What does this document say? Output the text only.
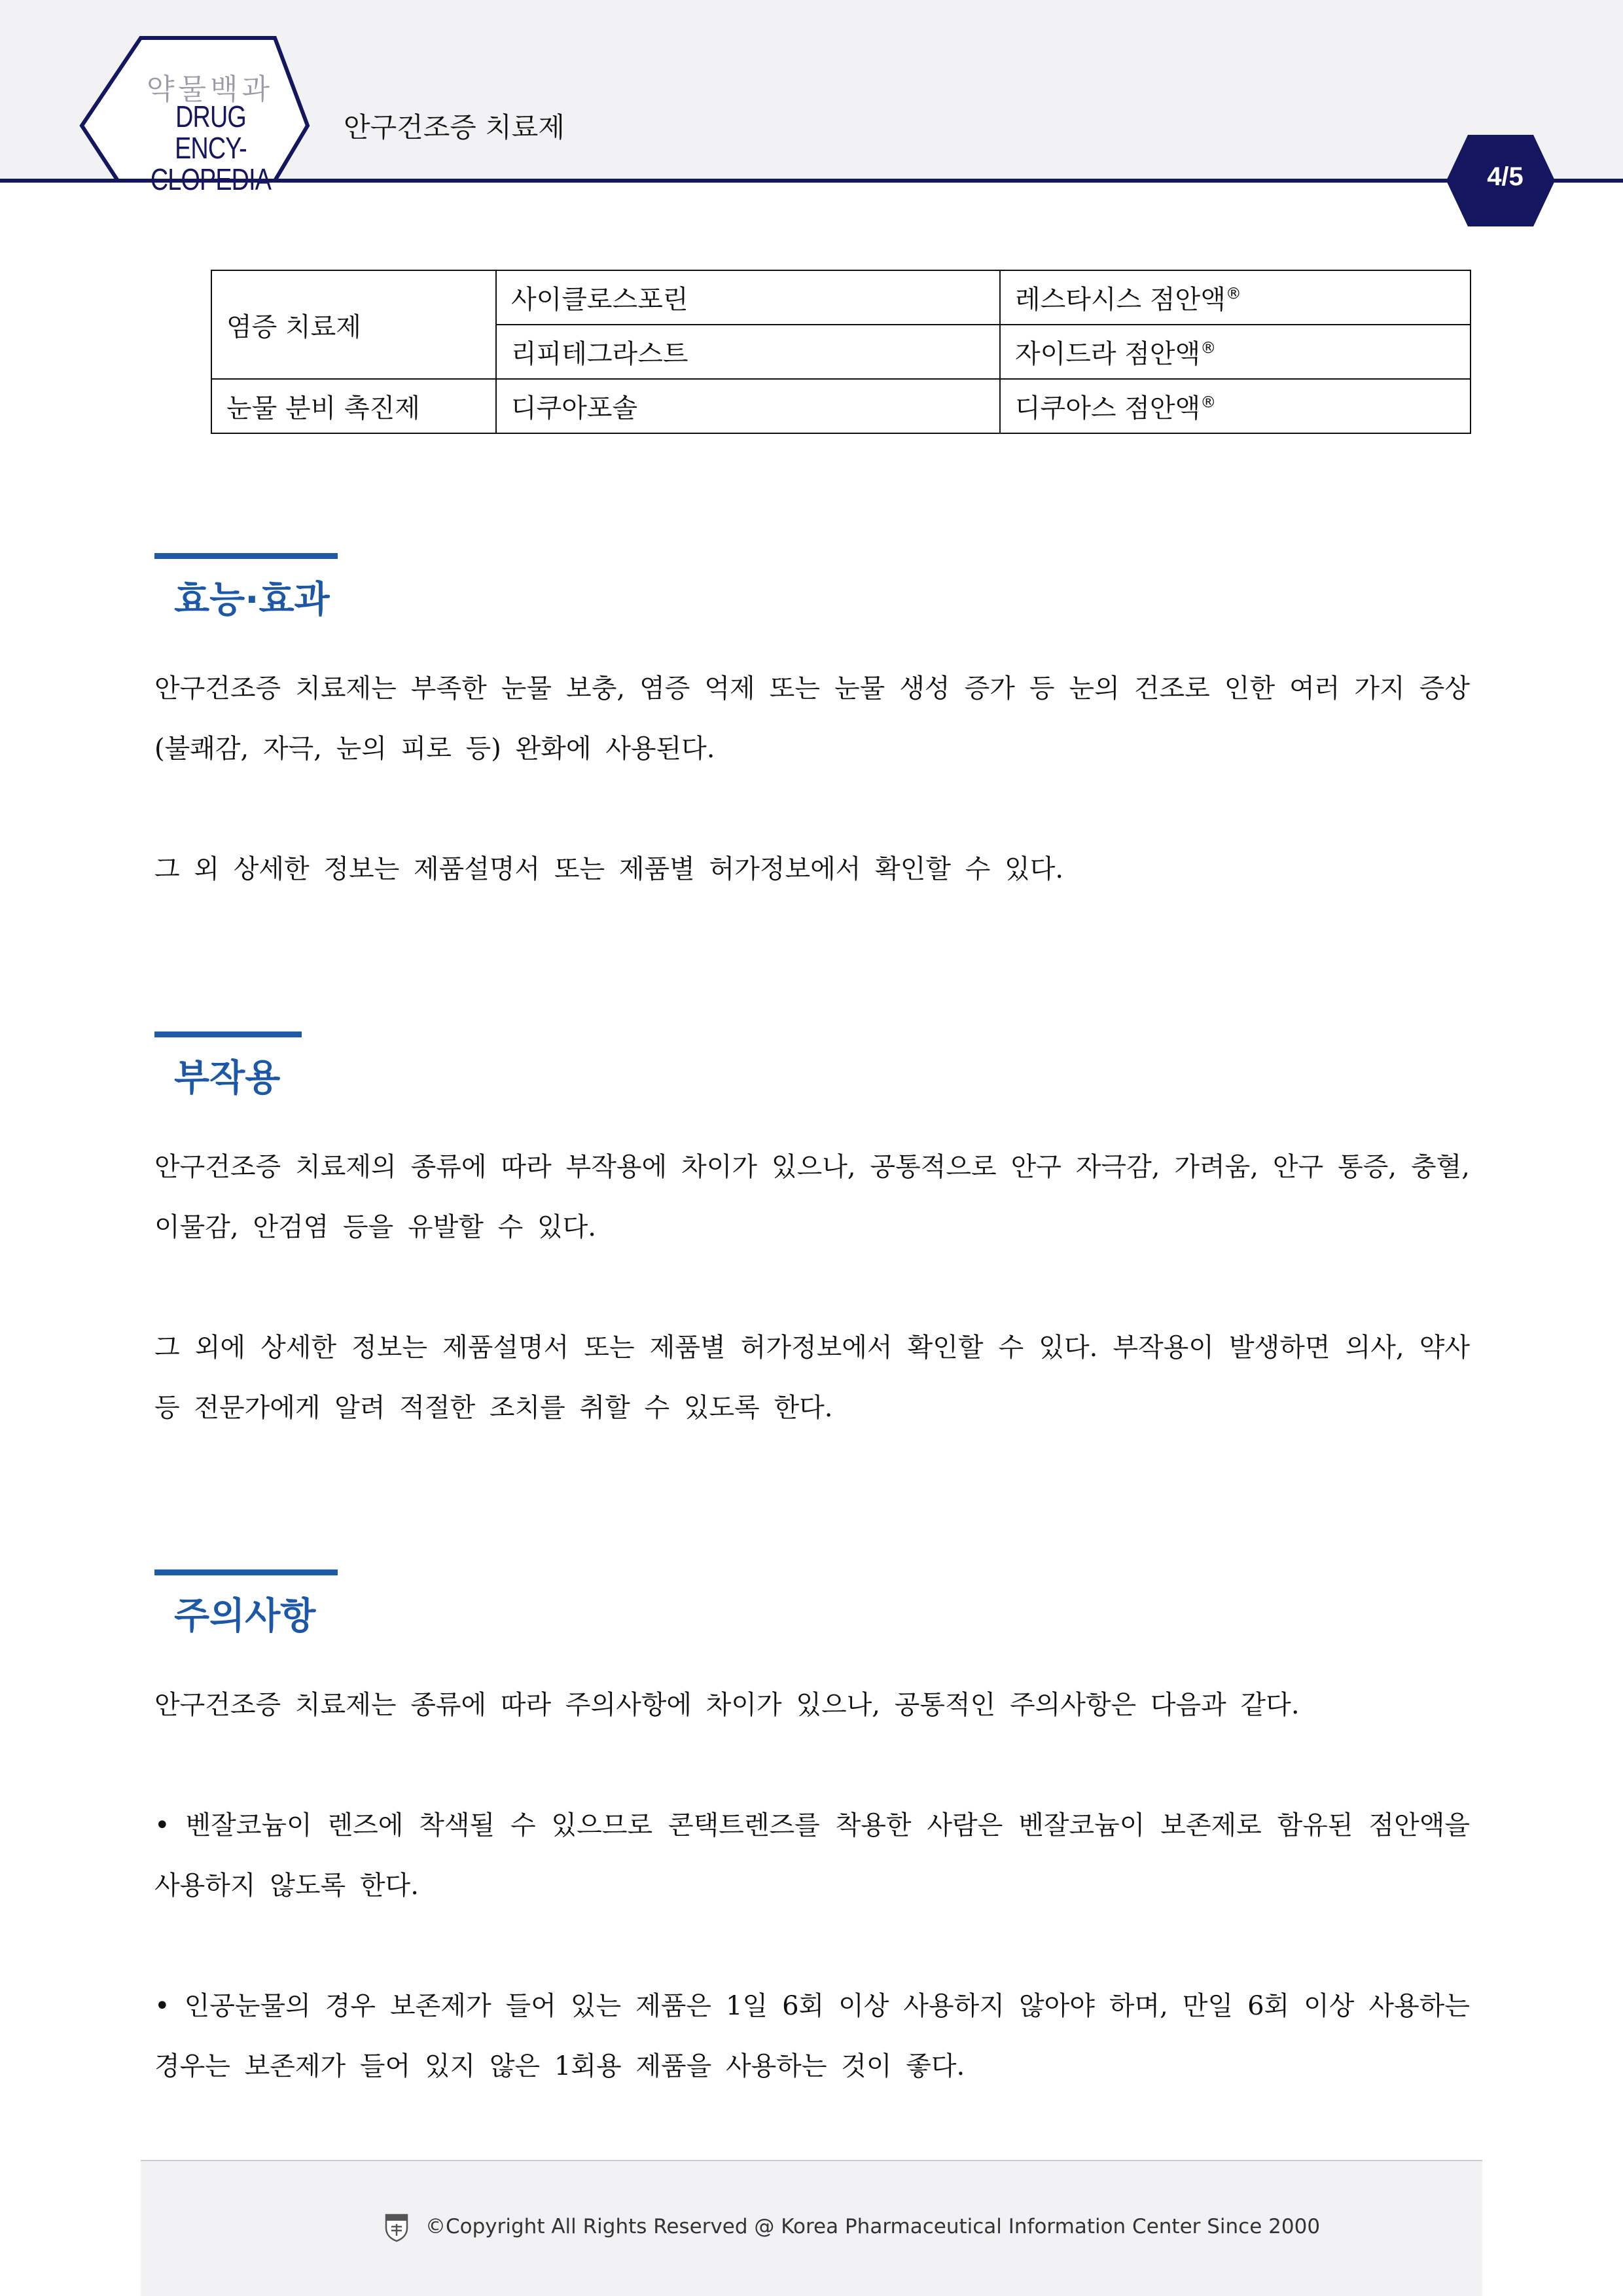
약물백과
DRUG ENCY-
CLOPEDIA
안구건조증 치료제
4/5
염증 치료제	사이클로스포린	레스타시스 점안액®
	리피테그라스트	자이드라 점안액®
눈물 분비 촉진제	디쿠아포솔	디쿠아스 점안액®
효능·효과
안구건조증 치료제는 부족한 눈물 보충, 염증 억제 또는 눈물 생성 증가 등 눈의 건조로 인한 여러 가지 증상(불쾌감, 자극, 눈의 피로 등) 완화에 사용된다.
그 외 상세한 정보는 제품설명서 또는 제품별 허가정보에서 확인할 수 있다.
부작용
안구건조증 치료제의 종류에 따라 부작용에 차이가 있으나, 공통적으로 안구 자극감, 가려움, 안구 통증, 충혈, 이물감, 안검염 등을 유발할 수 있다.
그 외에 상세한 정보는 제품설명서 또는 제품별 허가정보에서 확인할 수 있다. 부작용이 발생하면 의사, 약사 등 전문가에게 알려 적절한 조치를 취할 수 있도록 한다.
주의사항
안구건조증 치료제는 종류에 따라 주의사항에 차이가 있으나, 공통적인 주의사항은 다음과 같다.
• 벤잘코늄이 렌즈에 착색될 수 있으므로 콘택트렌즈를 착용한 사람은 벤잘코늄이 보존제로 함유된 점안액을 사용하지 않도록 한다.
• 인공눈물의 경우 보존제가 들어 있는 제품은 1일 6회 이상 사용하지 않아야 하며, 만일 6회 이상 사용하는 경우는 보존제가 들어 있지 않은 1회용 제품을 사용하는 것이 좋다.
©Copyright All Rights Reserved @ Korea Pharmaceutical Information Center Since 2000
